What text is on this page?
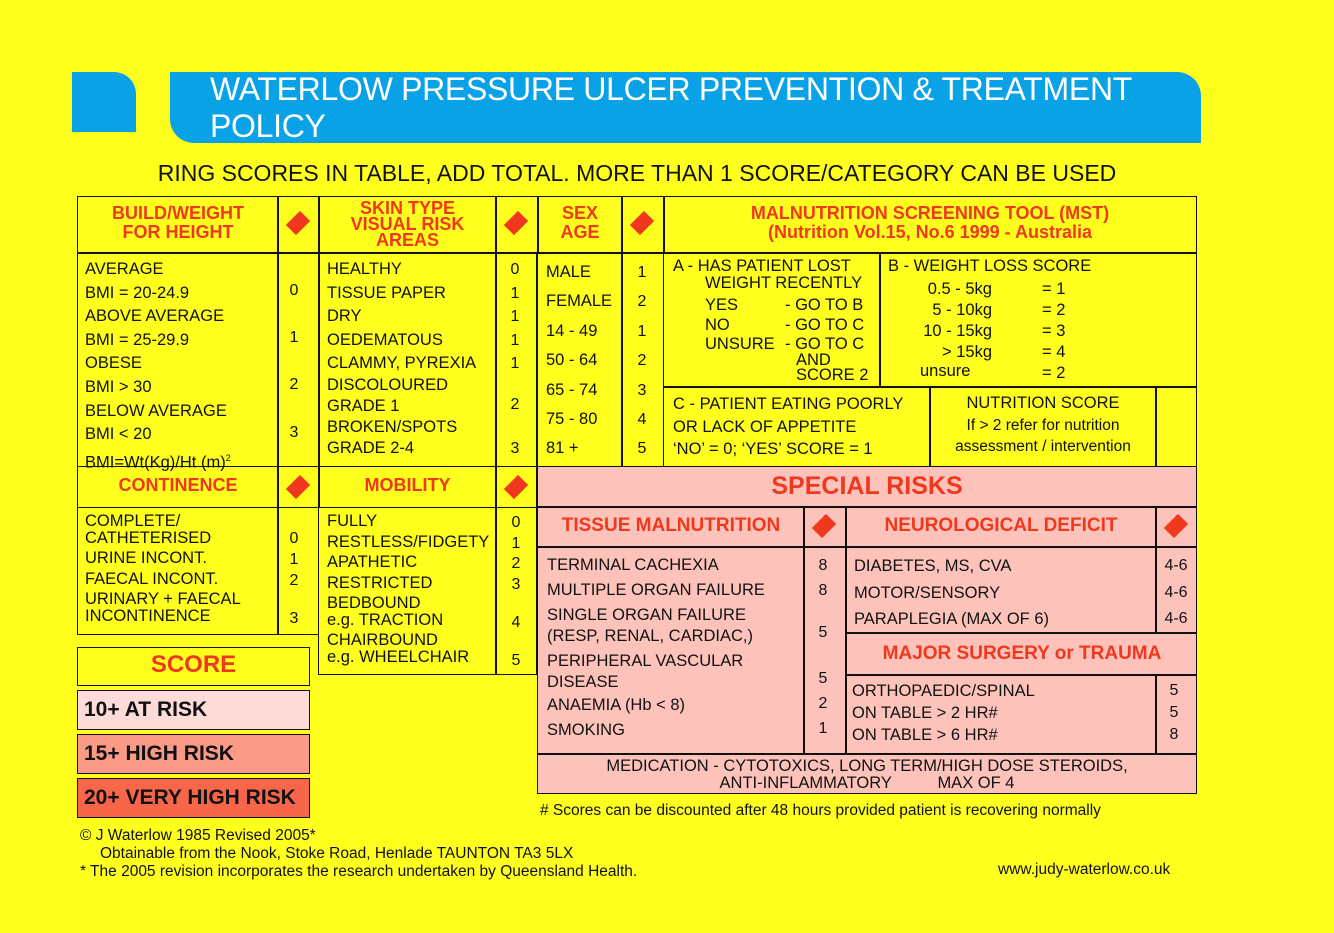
WATERLOW PRESSURE ULCER PREVENTION & TREATMENT POLICY
RING SCORES IN TABLE, ADD TOTAL. MORE THAN 1 SCORE/CATEGORY CAN BE USED
BUILD/WEIGHT
FOR HEIGHT
SKIN TYPE
VISUAL RISK
AREAS
SEX
AGE
MALNUTRITION SCREENING TOOL (MST)
(Nutrition Vol.15, No.6 1999 - Australia
AVERAGE
BMI = 20-24.9
ABOVE AVERAGE
BMI = 25-29.9
OBESE
BMI > 30
BELOW AVERAGE
BMI < 20
BMI=Wt(Kg)/Ht $(m)^2$
0
1
2
3
HEALTHY
TISSUE PAPER
DRY
OEDEMATOUS
CLAMMY, PYREXIA
DISCOLOURED
GRADE 1
BROKEN/SPOTS
GRADE 2-4
0
1
1
1
1
2
3
MALE
FEMALE
14 - 49
50 - 64
65 - 74
75 - 80
81 +
1
2
1
2
3
4
5
A - HAS PATIENT LOST
WEIGHT RECENTLY
YES
NO
UNSURE
- GO TO B
- GO TO C
- GO TO C
AND
SCORE 2
B - WEIGHT LOSS SCORE
0.5 - 5kg
5 - 10kg
10 - 15kg
> 15kg
unsure
= 1
= 2
= 3
= 4
= 2
C - PATIENT EATING POORLY
OR LACK OF APPETITE
‘NO’ = 0; ‘YES’ SCORE = 1
NUTRITION SCORE
If > 2 refer for nutrition
assessment / intervention
CONTINENCE	MOBILITY
COMPLETE/
CATHETERISED
URINE INCONT.
FAECAL INCONT.
URINARY + FAECAL
INCONTINENCE
0
1
2
3
FULLY
RESTLESS/FIDGETY
APATHETIC
RESTRICTED
BEDBOUND
e.g. TRACTION
CHAIRBOUND
e.g. WHEELCHAIR
0
1
2
3
4
5
SCORE
10+ AT RISK
15+ HIGH RISK
20+ VERY HIGH RISK
SPECIAL RISKS
TISSUE MALNUTRITION
TERMINAL CACHEXIA
MULTIPLE ORGAN FAILURE
SINGLE ORGAN FAILURE
(RESP, RENAL, CARDIAC,)
PERIPHERAL VASCULAR
DISEASE
ANAEMIA (Hb < 8)
SMOKING
8
8
5
5
2
1
NEUROLOGICAL DEFICIT
DIABETES, MS, CVA
MOTOR/SENSORY
PARAPLEGIA (MAX OF 6)
4-6
4-6
4-6
MAJOR SURGERY or TRAUMA
ORTHOPAEDIC/SPINAL
ON TABLE > 2 HR#
ON TABLE > 6 HR#
5
5
8
MEDICATION - CYTOTOXICS, LONG TERM/HIGH DOSE STEROIDS,
ANTI-INFLAMMATORY          MAX OF 4
# Scores can be discounted after 48 hours provided patient is recovering normally
© J Waterlow 1985 Revised 2005*
Obtainable from the Nook, Stoke Road, Henlade TAUNTON TA3 5LX
* The 2005 revision incorporates the research undertaken by Queensland Health.	www.judy-waterlow.co.uk
